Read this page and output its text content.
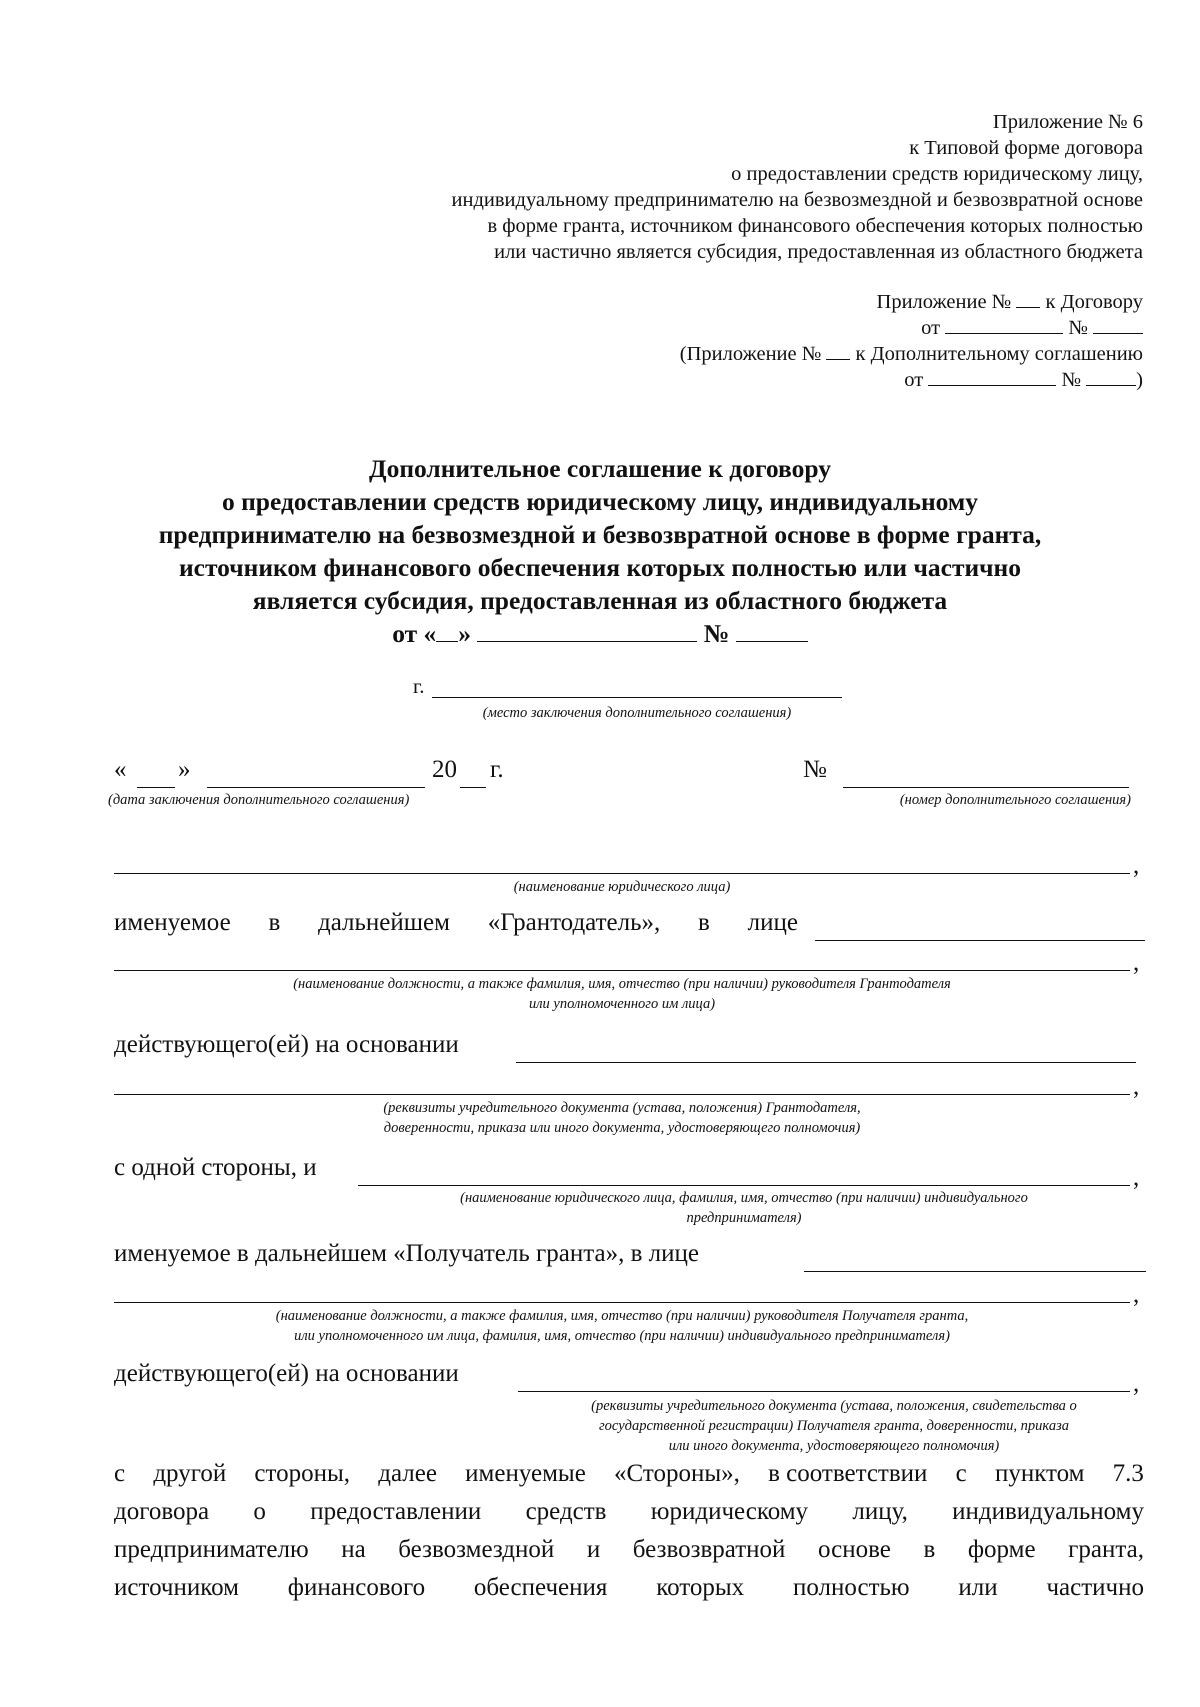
Приложение № 6
к Типовой форме договора
о предоставлении средств юридическому лицу,
индивидуальному предпринимателю на безвозмездной и безвозвратной основе
в форме гранта, источником финансового обеспечения которых полностью
или частично является субсидия, предоставленная из областного бюджета
Приложение № к Договору
от	№
(Приложение № к Дополнительному соглашению
от	№	)
Дополнительное соглашение к договору
о предоставлении средств юридическому лицу, индивидуальному
предпринимателю на безвозмездной и безвозвратной основе в форме гранта,
источником финансового обеспечения которых полностью или частично
является субсидия, предоставленная из областного бюджета
от « »	№
г.
(место заключения дополнительного соглашения)
« »	20 г.
(дата заключения дополнительного соглашения)
№
(номер дополнительного соглашения)
,
(наименование юридического лица)
именуемое в дальнейшем «Грантодатель», в лице
,
(наименование должности, а также фамилия, имя, отчество (при наличии) руководителя Грантодателя
или уполномоченного им лица)
действующего(ей) на основании
,
(реквизиты учредительного документа (устава, положения) Грантодателя,
доверенности, приказа или иного документа, удостоверяющего полномочия)
с одной стороны, и	,
(наименование юридического лица, фамилия, имя, отчество (при наличии) индивидуального
предпринимателя)
именуемое в дальнейшем «Получатель гранта», в лице
,
(наименование должности, а также фамилия, имя, отчество (при наличии) руководителя Получателя гранта,
или уполномоченного им лица, фамилия, имя, отчество (при наличии) индивидуального предпринимателя)
действующего(ей) на основании	,
(реквизиты учредительного документа (устава, положения, свидетельства о
государственной регистрации) Получателя гранта, доверенности, приказа
или иного документа, удостоверяющего полномочия)
с другой стороны, далее именуемые «Стороны», в соответствии с пунктом 7.3
договора о предоставлении средств юридическому лицу, индивидуальному
предпринимателю на безвозмездной и безвозвратной основе в форме гранта,
источником финансового обеспечения которых полностью или частично
